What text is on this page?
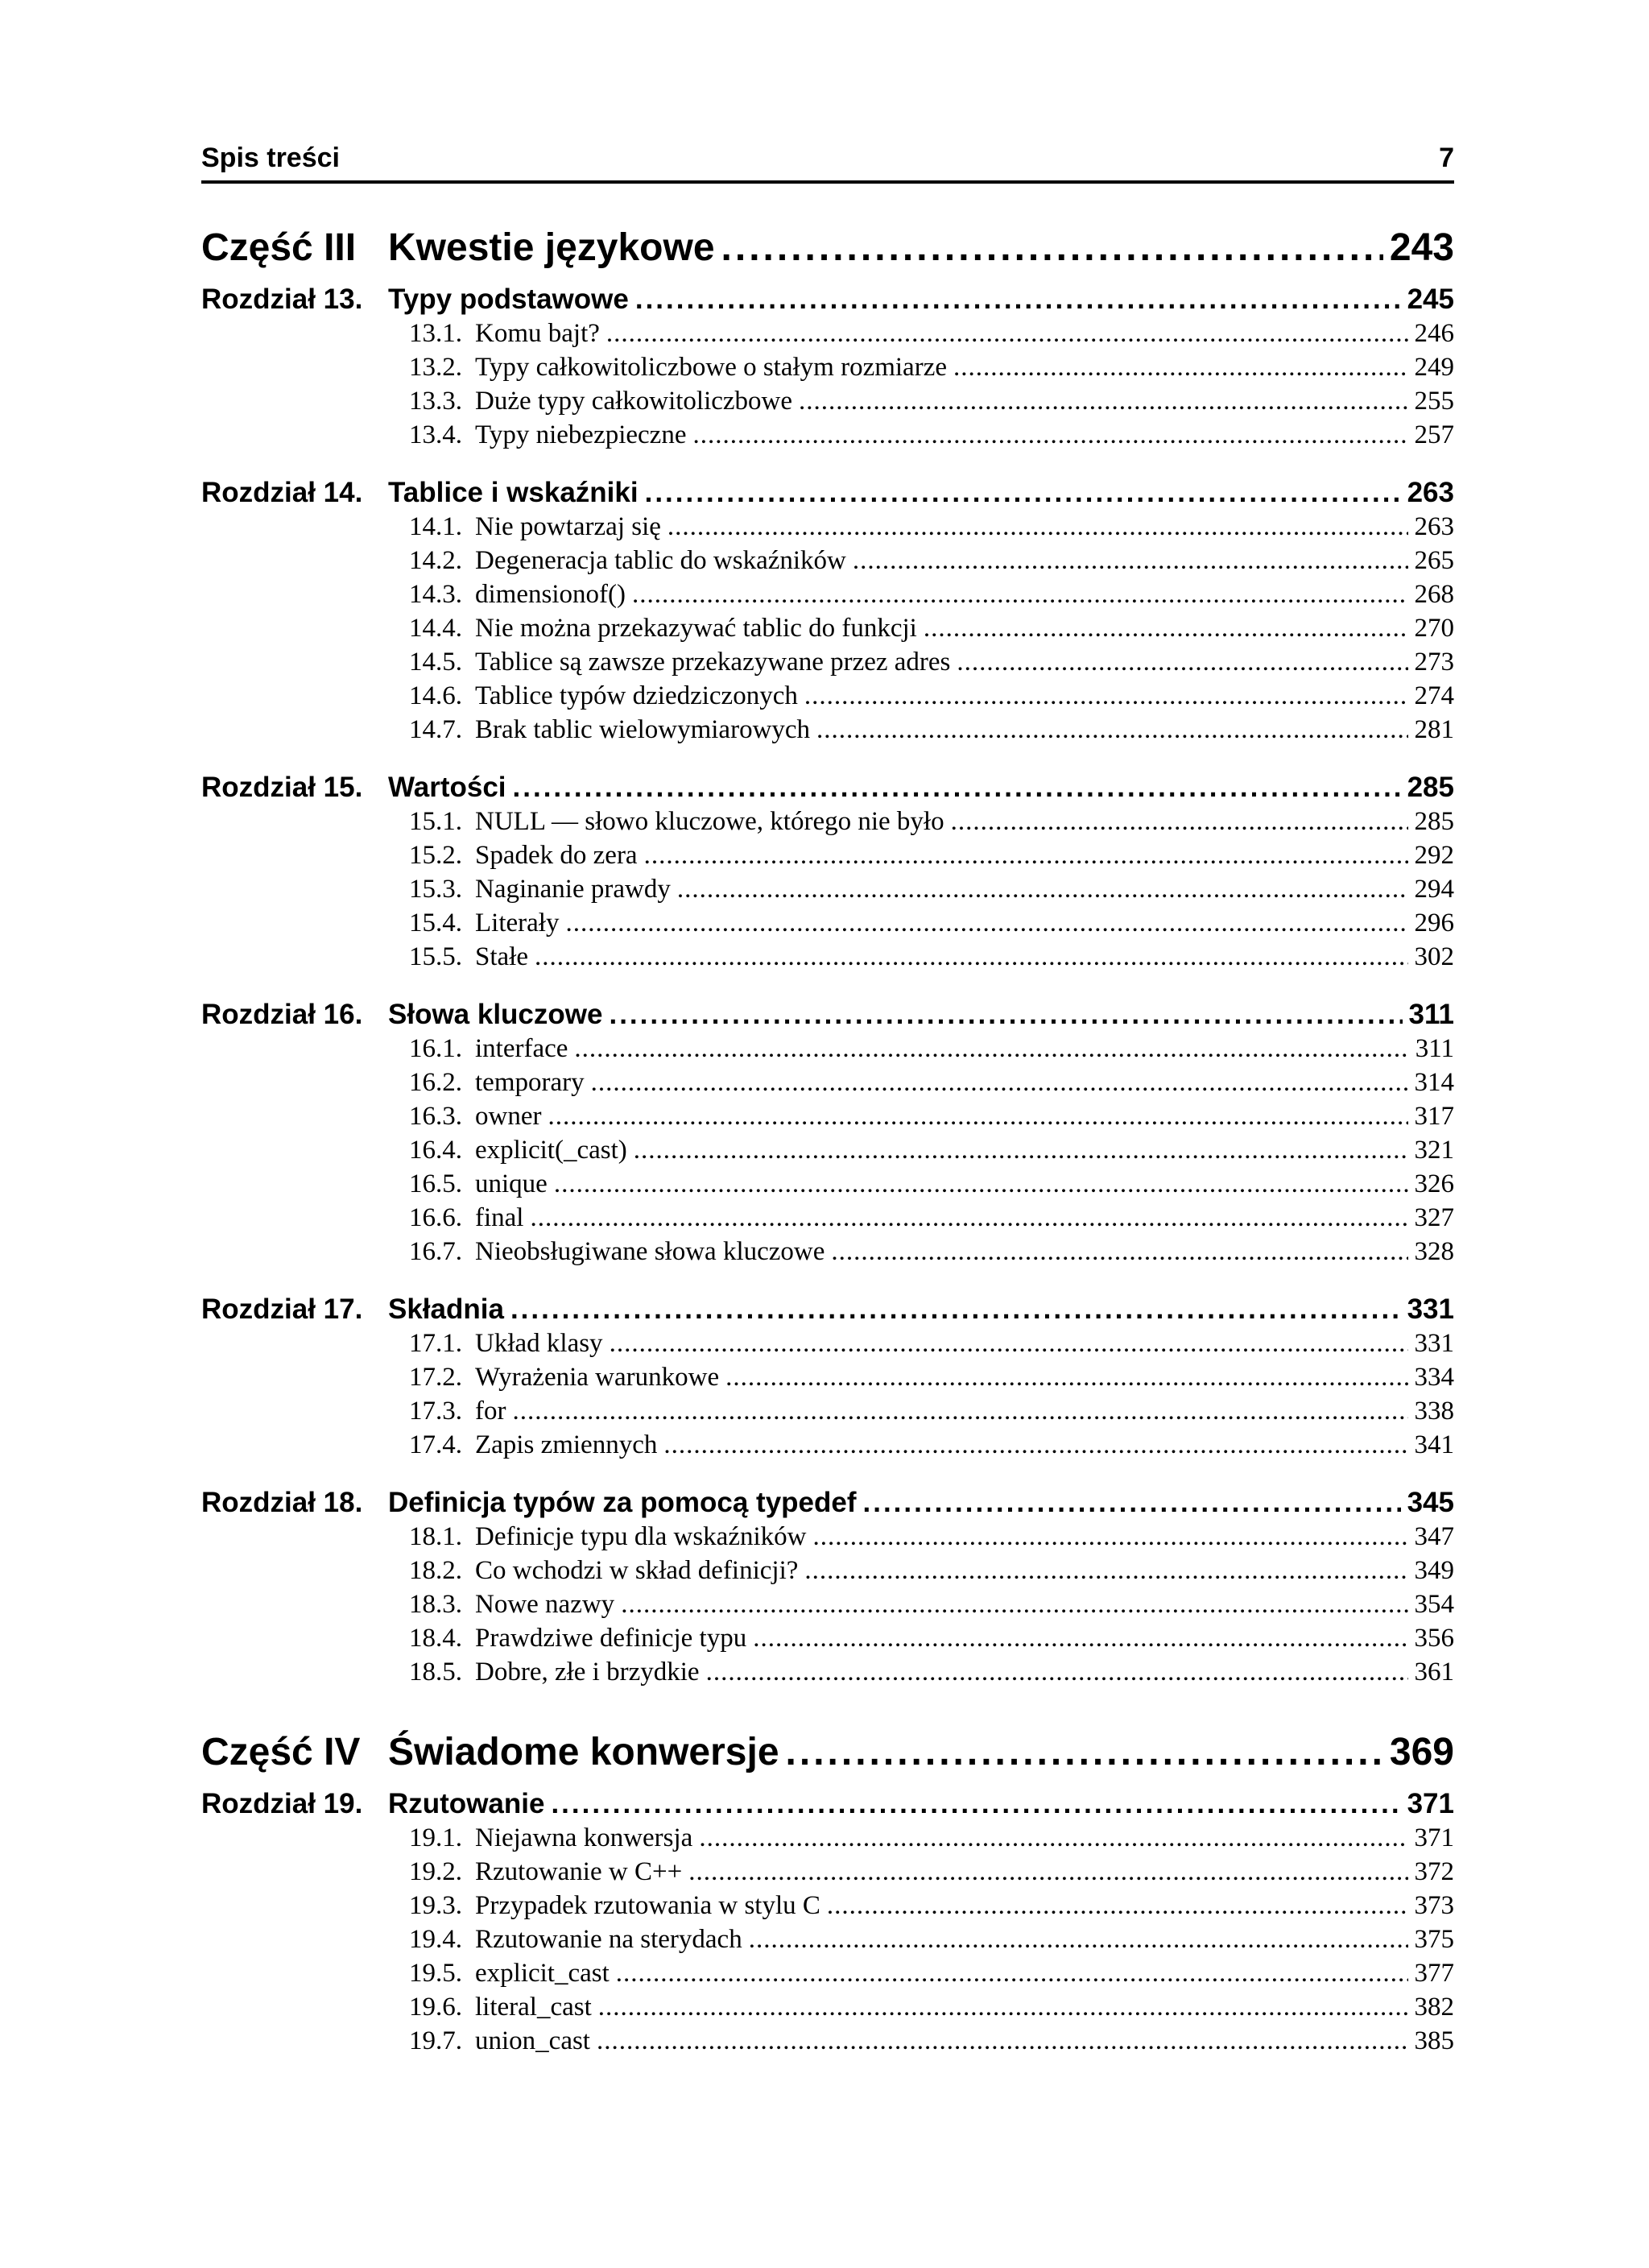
Spis treści	7
Część III Kwestie językowe .....	243
Rozdział 13. Typy podstawowe .....	245
13.1. Komu bajt? .....	246
13.2. Typy całkowitoliczbowe o stałym rozmiarze .....	249
13.3. Duże typy całkowitoliczbowe .....	255
13.4. Typy niebezpieczne .....	257
Rozdział 14. Tablice i wskaźniki .....	263
14.1. Nie powtarzaj się .....	263
14.2. Degeneracja tablic do wskaźników .....	265
14.3. dimensionof() .....	268
14.4. Nie można przekazywać tablic do funkcji .....	270
14.5. Tablice są zawsze przekazywane przez adres .....	273
14.6. Tablice typów dziedziczonych .....	274
14.7. Brak tablic wielowymiarowych .....	281
Rozdział 15. Wartości .....	285
15.1. NULL — słowo kluczowe, którego nie było .....	285
15.2. Spadek do zera .....	292
15.3. Naginanie prawdy .....	294
15.4. Literały .....	296
15.5. Stałe .....	302
Rozdział 16. Słowa kluczowe .....	311
16.1. interface .....	311
16.2. temporary .....	314
16.3. owner .....	317
16.4. explicit(_cast) .....	321
16.5. unique .....	326
16.6. final .....	327
16.7. Nieobsługiwane słowa kluczowe .....	328
Rozdział 17. Składnia .....	331
17.1. Układ klasy .....	331
17.2. Wyrażenia warunkowe .....	334
17.3. for .....	338
17.4. Zapis zmiennych .....	341
Rozdział 18. Definicja typów za pomocą typedef .....	345
18.1. Definicje typu dla wskaźników .....	347
18.2. Co wchodzi w skład definicji? .....	349
18.3. Nowe nazwy .....	354
18.4. Prawdziwe definicje typu .....	356
18.5. Dobre, złe i brzydkie .....	361
Część IV Świadome konwersje .....	369
Rozdział 19. Rzutowanie .....	371
19.1. Niejawna konwersja .....	371
19.2. Rzutowanie w C++ .....	372
19.3. Przypadek rzutowania w stylu C .....	373
19.4. Rzutowanie na sterydach .....	375
19.5. explicit_cast .....	377
19.6. literal_cast .....	382
19.7. union_cast .....	385
